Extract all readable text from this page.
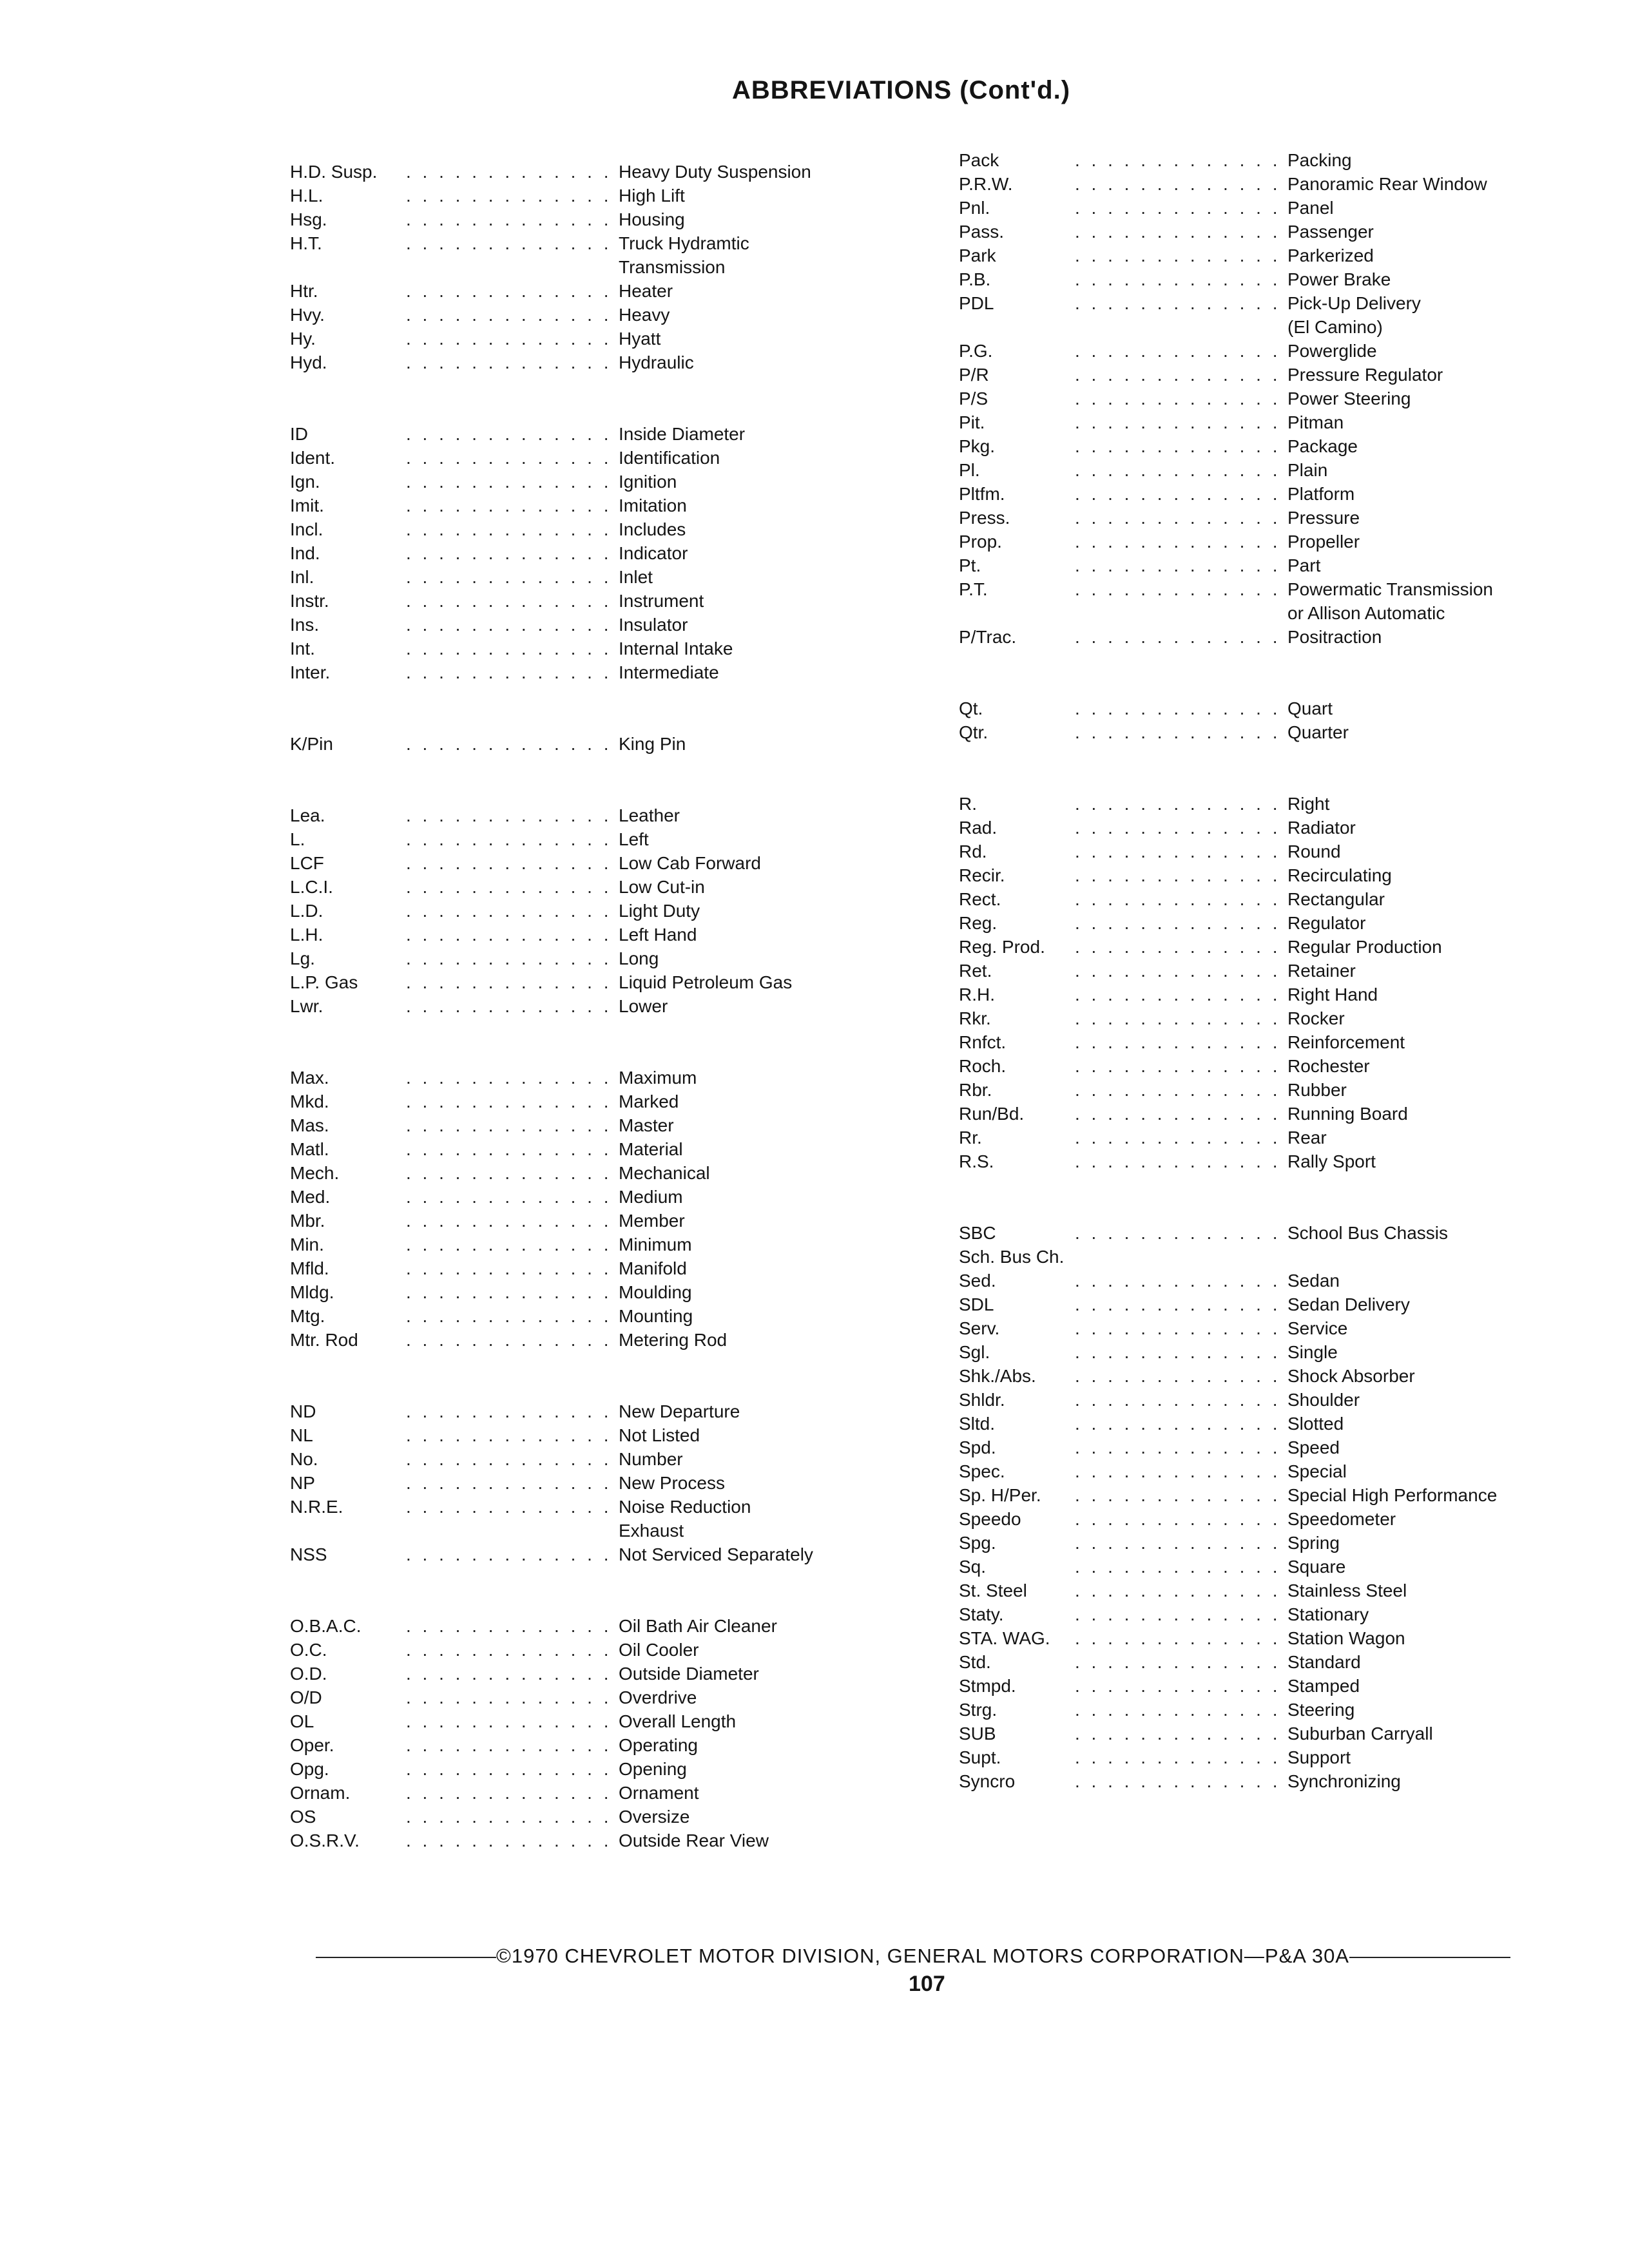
ABBREVIATIONS (Cont'd.)
H.D. Susp. . . .	Heavy Duty Suspension
H.L. . . .	High Lift
Hsg. . . .	Housing
H.T. . . .	Truck Hydramtic
Transmission
Htr. . . .	Heater
Hvy. . . .	Heavy
Hy. . . .	Hyatt
Hyd. . . .	Hydraulic
ID . . .	Inside Diameter
Ident. . . .	Identification
Ign. . . .	Ignition
Imit. . . .	Imitation
Incl. . . .	Includes
Ind. . . .	Indicator
Inl. . . .	Inlet
Instr. . . .	Instrument
Ins. . . .	Insulator
Int. . . .	Internal Intake
Inter. . . .	Intermediate
K/Pin . . .	King Pin
Lea. . . .	Leather
L. . . .	Left
LCF . . .	Low Cab Forward
L.C.I. . . .	Low Cut-in
L.D. . . .	Light Duty
L.H. . . .	Left Hand
Lg. . . .	Long
L.P. Gas . . .	Liquid Petroleum Gas
Lwr. . . .	Lower
Max. . . .	Maximum
Mkd. . . .	Marked
Mas. . . .	Master
Matl. . . .	Material
Mech. . . .	Mechanical
Med. . . .	Medium
Mbr. . . .	Member
Min. . . .	Minimum
Mfld. . . .	Manifold
Mldg. . . .	Moulding
Mtg. . . .	Mounting
Mtr. Rod . . .	Metering Rod
ND . . .	New Departure
NL . . .	Not Listed
No. . . .	Number
NP . . .	New Process
N.R.E. . . .	Noise Reduction
Exhaust
NSS . . .	Not Serviced Separately
O.B.A.C. . . .	Oil Bath Air Cleaner
O.C. . . .	Oil Cooler
O.D. . . .	Outside Diameter
O/D . . .	Overdrive
OL . . .	Overall Length
Oper. . . .	Operating
Opg. . . .	Opening
Ornam. . . .	Ornament
OS . . .	Oversize
O.S.R.V. . . .	Outside Rear View
Pack . . .	Packing
P.R.W. . . .	Panoramic Rear Window
Pnl. . . .	Panel
Pass. . . .	Passenger
Park . . .	Parkerized
P.B. . . .	Power Brake
PDL . . .	Pick-Up Delivery
(El Camino)
P.G. . . .	Powerglide
P/R . . .	Pressure Regulator
P/S . . .	Power Steering
Pit. . . .	Pitman
Pkg. . . .	Package
Pl. . . .	Plain
Pltfm. . . .	Platform
Press. . . .	Pressure
Prop. . . .	Propeller
Pt. . . .	Part
P.T. . . .	Powermatic Transmission
or Allison Automatic
P/Trac. . . .	Positraction
Qt. . . .	Quart
Qtr. . . .	Quarter
R. . . .	Right
Rad. . . .	Radiator
Rd. . . .	Round
Recir. . . .	Recirculating
Rect. . . .	Rectangular
Reg. . . .	Regulator
Reg. Prod. . . .	Regular Production
Ret. . . .	Retainer
R.H. . . .	Right Hand
Rkr. . . .	Rocker
Rnfct. . . .	Reinforcement
Roch. . . .	Rochester
Rbr. . . .	Rubber
Run/Bd. . . .	Running Board
Rr. . . .	Rear
R.S. . . .	Rally Sport
SBC . . .	School Bus Chassis
Sch. Bus Ch.
Sed. . . .	Sedan
SDL . . .	Sedan Delivery
Serv. . . .	Service
Sgl. . . .	Single
Shk./Abs. . . .	Shock Absorber
Shldr. . . .	Shoulder
Sltd. . . .	Slotted
Spd. . . .	Speed
Spec. . . .	Special
Sp. H/Per. . . .	Special High Performance
Speedo . . .	Speedometer
Spg. . . .	Spring
Sq. . . .	Square
St. Steel . . .	Stainless Steel
Staty. . . .	Stationary
STA. WAG. . . .	Station Wagon
Std. . . .	Standard
Stmpd. . . .	Stamped
Strg. . . .	Steering
SUB . . .	Suburban Carryall
Supt. . . .	Support
Syncro . . .	Synchronizing
©1970 CHEVROLET MOTOR DIVISION, GENERAL MOTORS CORPORATION—P&A 30A
107
